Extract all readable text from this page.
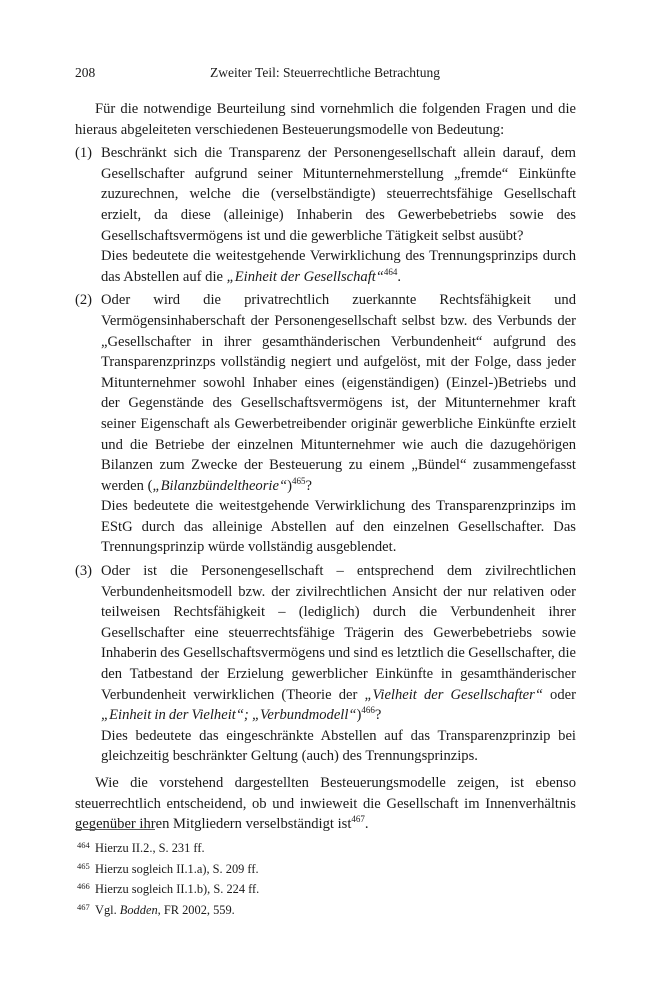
208	Zweiter Teil: Steuerrechtliche Betrachtung

Für die notwendige Beurteilung sind vornehmlich die folgenden Fragen und die hieraus abgeleiteten verschiedenen Besteuerungsmodelle von Bedeutung:

(1) Beschränkt sich die Transparenz der Personengesellschaft allein darauf, dem Gesellschafter aufgrund seiner Mitunternehmerstellung „fremde“ Einkünfte zuzurechnen, welche die (verselbständigte) steuerrechtsfähige Gesellschaft erzielt, da diese (alleinige) Inhaberin des Gewerbebetriebs sowie des Gesellschaftsvermögens ist und die gewerbliche Tätigkeit selbst ausübt?

Dies bedeutete die weitestgehende Verwirklichung des Trennungsprinzips durch das Abstellen auf die „Einheit der Gesellschaft“$^{464}$.

(2) Oder wird die privatrechtlich zuerkannte Rechtsfähigkeit und Vermögensinhaberschaft der Personengesellschaft selbst bzw. des Verbunds der „Gesellschafter in ihrer gesamthänderischen Verbundenheit“ aufgrund des Transparenzprinzps vollständig negiert und aufgelöst, mit der Folge, dass jeder Mitunternehmer sowohl Inhaber eines (eigenständigen) (Einzel-)Betriebs und der Gegenstände des Gesellschaftsvermögens ist, der Mitunternehmer kraft seiner Eigenschaft als Gewerbetreibender originär gewerbliche Einkünfte erzielt und die Betriebe der einzelnen Mitunternehmer wie auch die dazugehörigen Bilanzen zum Zwecke der Besteuerung zu einem „Bündel“ zusammengefasst werden („Bilanzbündeltheorie“)$^{465}$?

Dies bedeutete die weitestgehende Verwirklichung des Transparenzprinzips im EStG durch das alleinige Abstellen auf den einzelnen Gesellschafter. Das Trennungsprinzip würde vollständig ausgeblendet.

(3) Oder ist die Personengesellschaft – entsprechend dem zivilrechtlichen Verbundenheitsmodell bzw. der zivilrechtlichen Ansicht der nur relativen oder teilweisen Rechtsfähigkeit – (lediglich) durch die Verbundenheit ihrer Gesellschafter eine steuerrechtsfähige Trägerin des Gewerbebetriebs sowie Inhaberin des Gesellschaftsvermögens und sind es letztlich die Gesellschafter, die den Tatbestand der Erzielung gewerblicher Einkünfte in gesamthänderischer Verbundenheit verwirklichen (Theorie der „Vielheit der Gesellschafter“ oder „Einheit in der Vielheit“; „Verbundmodell“)$^{466}$?

Dies bedeutete das eingeschränkte Abstellen auf das Transparenzprinzip bei gleichzeitig beschränkter Geltung (auch) des Trennungsprinzips.

Wie die vorstehend dargestellten Besteuerungsmodelle zeigen, ist ebenso steuerrechtlich entscheidend, ob und inwieweit die Gesellschaft im Innenverhältnis gegenüber ihren Mitgliedern verselbständigt ist$^{467}$.

464 Hierzu II.2., S. 231 ff.
465 Hierzu sogleich II.1.a), S. 209 ff.
466 Hierzu sogleich II.1.b), S. 224 ff.
467 Vgl. Bodden, FR 2002, 559.
